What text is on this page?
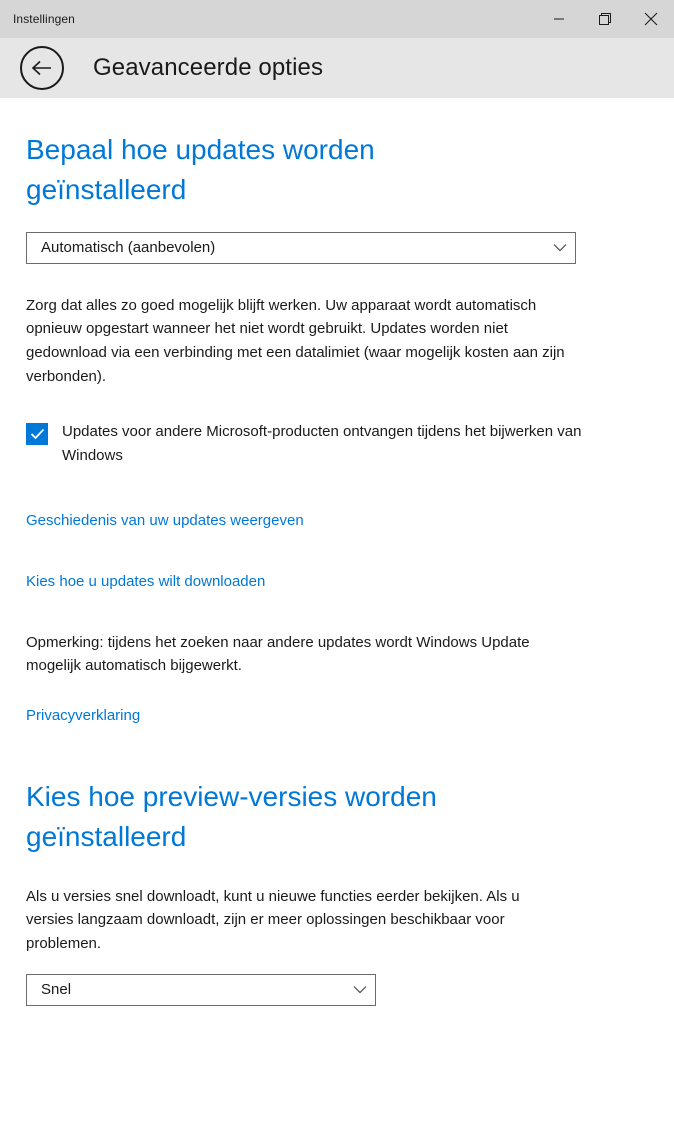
Instellingen
Geavanceerde opties
Bepaal hoe updates worden geïnstalleerd
Automatisch (aanbevolen)

Zorg dat alles zo goed mogelijk blijft werken. Uw apparaat wordt automatisch opnieuw opgestart wanneer het niet wordt gebruikt. Updates worden niet gedownload via een verbinding met een datalimiet (waar mogelijk kosten aan zijn verbonden).

Updates voor andere Microsoft-producten ontvangen tijdens het bijwerken van Windows
Geschiedenis van uw updates weergeven
Kies hoe u updates wilt downloaden

Opmerking: tijdens het zoeken naar andere updates wordt Windows Update mogelijk automatisch bijgewerkt.

Privacyverklaring
Kies hoe preview-versies worden geïnstalleerd

Als u versies snel downloadt, kunt u nieuwe functies eerder bekijken. Als u versies langzaam downloadt, zijn er meer oplossingen beschikbaar voor problemen.

Snel
